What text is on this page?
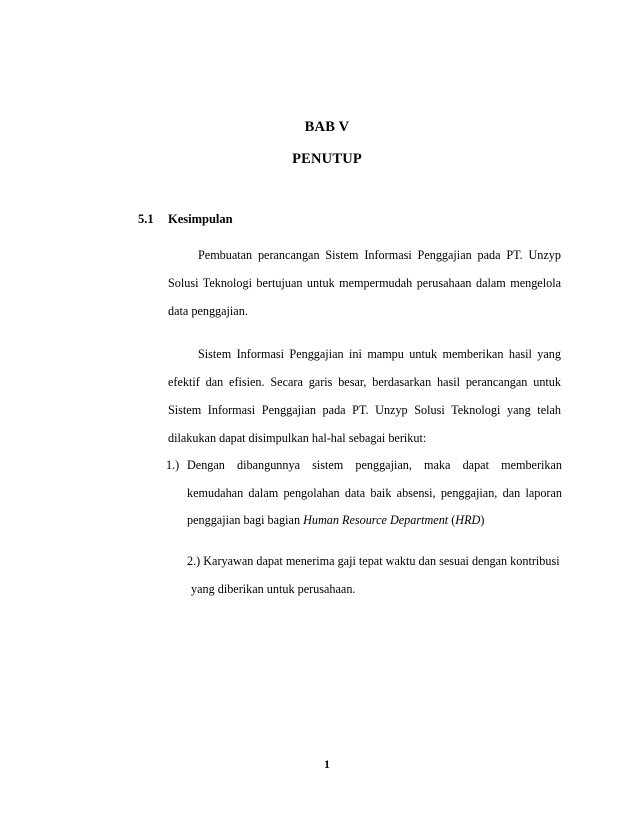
BAB V
PENUTUP
5.1 Kesimpulan

Pembuatan perancangan Sistem Informasi Penggajian pada PT. Unzyp Solusi Teknologi bertujuan untuk mempermudah perusahaan dalam mengelola data penggajian.

Sistem Informasi Penggajian ini mampu untuk memberikan hasil yang efektif dan efisien. Secara garis besar, berdasarkan hasil perancangan untuk Sistem Informasi Penggajian pada PT. Unzyp Solusi Teknologi yang telah dilakukan dapat disimpulkan hal-hal sebagai berikut:

1.) Dengan dibangunnya sistem penggajian, maka dapat memberikan kemudahan dalam pengolahan data baik absensi, penggajian, dan laporan penggajian bagi bagian Human Resource Department (HRD)
2.) Karyawan dapat menerima gaji tepat waktu dan sesuai dengan kontribusi
yang diberikan untuk perusahaan.
1
